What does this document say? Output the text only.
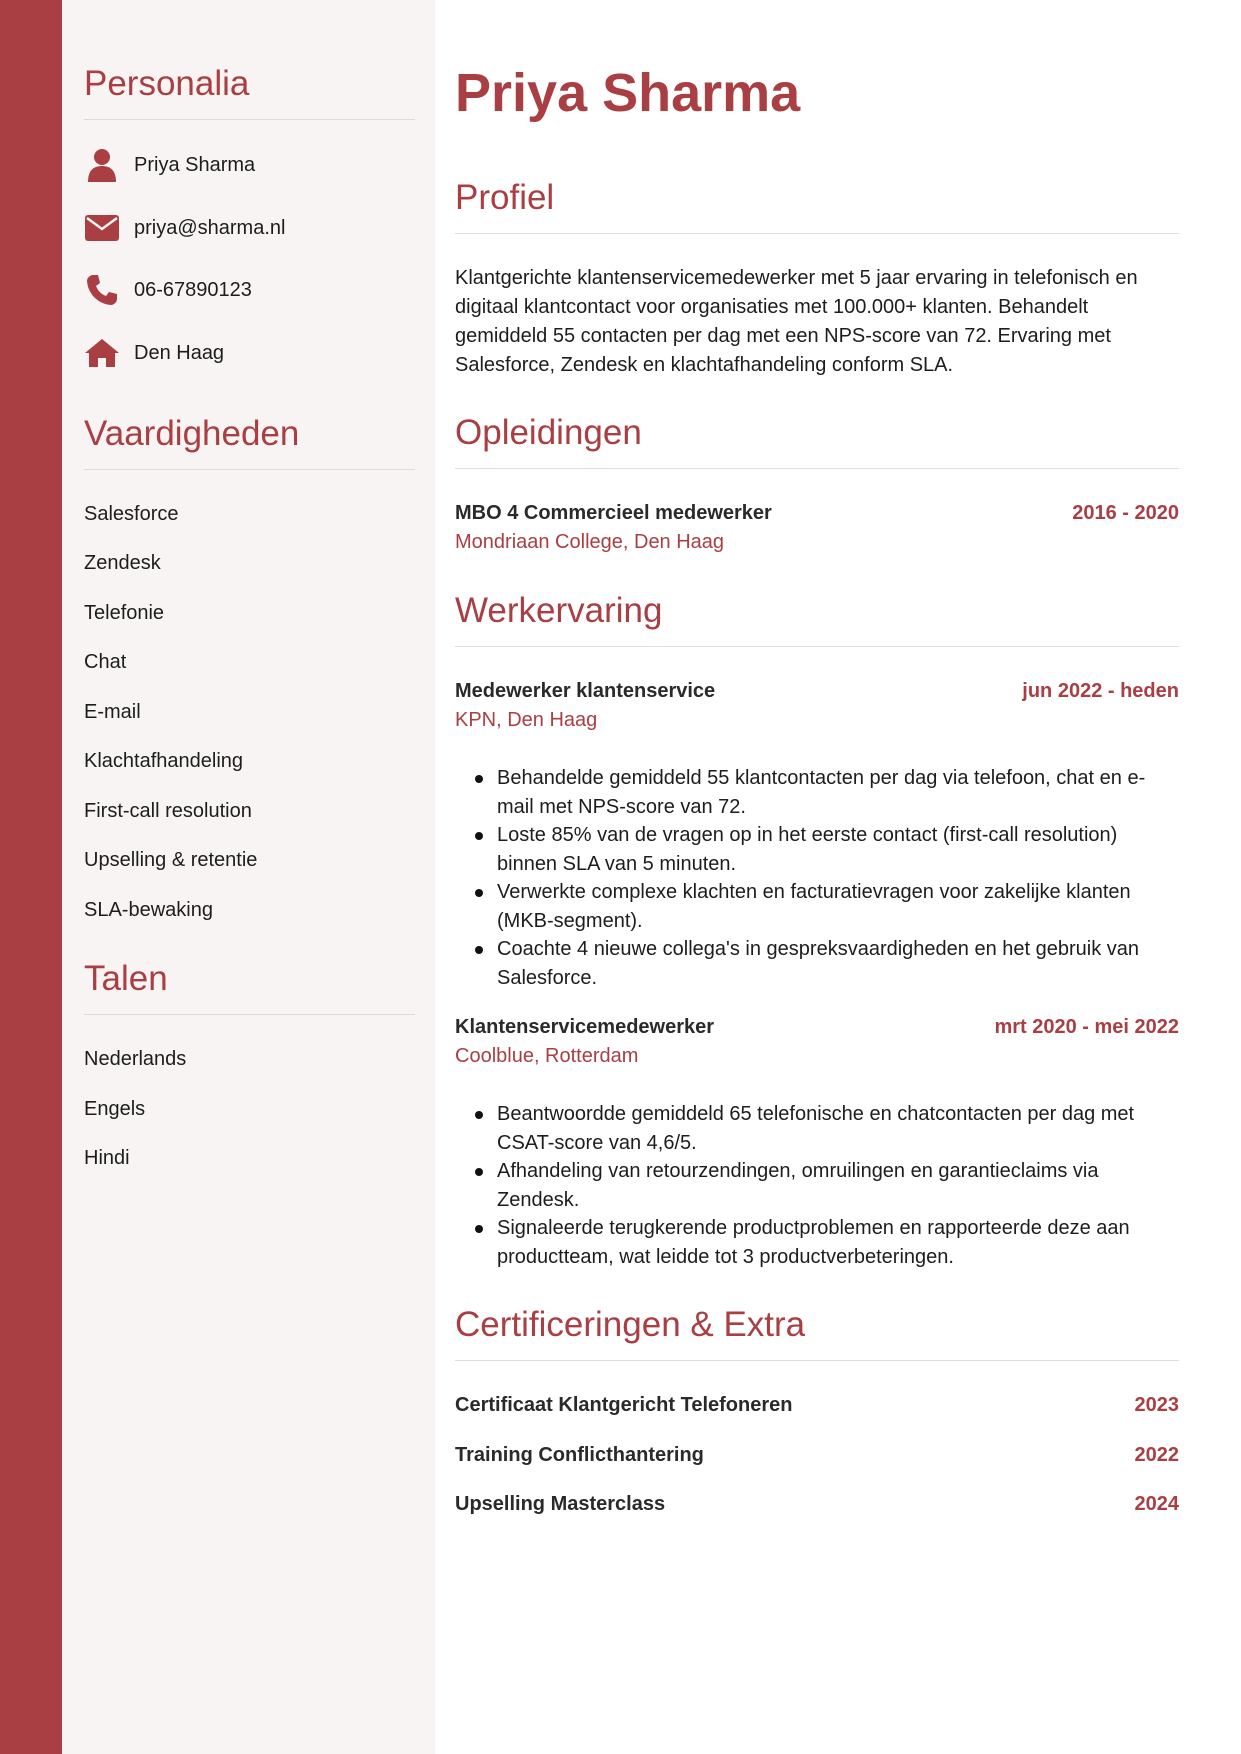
Personalia
Priya Sharma
priya@sharma.nl
06-67890123
Den Haag
Vaardigheden
Salesforce
Zendesk
Telefonie
Chat
E-mail
Klachtafhandeling
First-call resolution
Upselling & retentie
SLA-bewaking
Talen
Nederlands
Engels
Hindi
Priya Sharma
Profiel

Klantgerichte klantenservicemedewerker met 5 jaar ervaring in telefonisch en digitaal klantcontact voor organisaties met 100.000+ klanten. Behandelt gemiddeld 55 contacten per dag met een NPS-score van 72. Ervaring met Salesforce, Zendesk en klachtafhandeling conform SLA.

Opleidingen
MBO 4 Commercieel medewerker	2016 - 2020
Mondriaan College, Den Haag
Werkervaring
Medewerker klantenservice	jun 2022 - heden
KPN, Den Haag
Behandelde gemiddeld 55 klantcontacten per dag via telefoon, chat en e-mail met NPS-score van 72.
Loste 85% van de vragen op in het eerste contact (first-call resolution) binnen SLA van 5 minuten.
Verwerkte complexe klachten en facturatievragen voor zakelijke klanten (MKB-segment).
Coachte 4 nieuwe collega's in gespreksvaardigheden en het gebruik van Salesforce.
Klantenservicemedewerker	mrt 2020 - mei 2022
Coolblue, Rotterdam
Beantwoordde gemiddeld 65 telefonische en chatcontacten per dag met CSAT-score van 4,6/5.
Afhandeling van retourzendingen, omruilingen en garantieclaims via Zendesk.
Signaleerde terugkerende productproblemen en rapporteerde deze aan productteam, wat leidde tot 3 productverbeteringen.
Certificeringen & Extra
Certificaat Klantgericht Telefoneren	2023
Training Conflicthantering	2022
Upselling Masterclass	2024
